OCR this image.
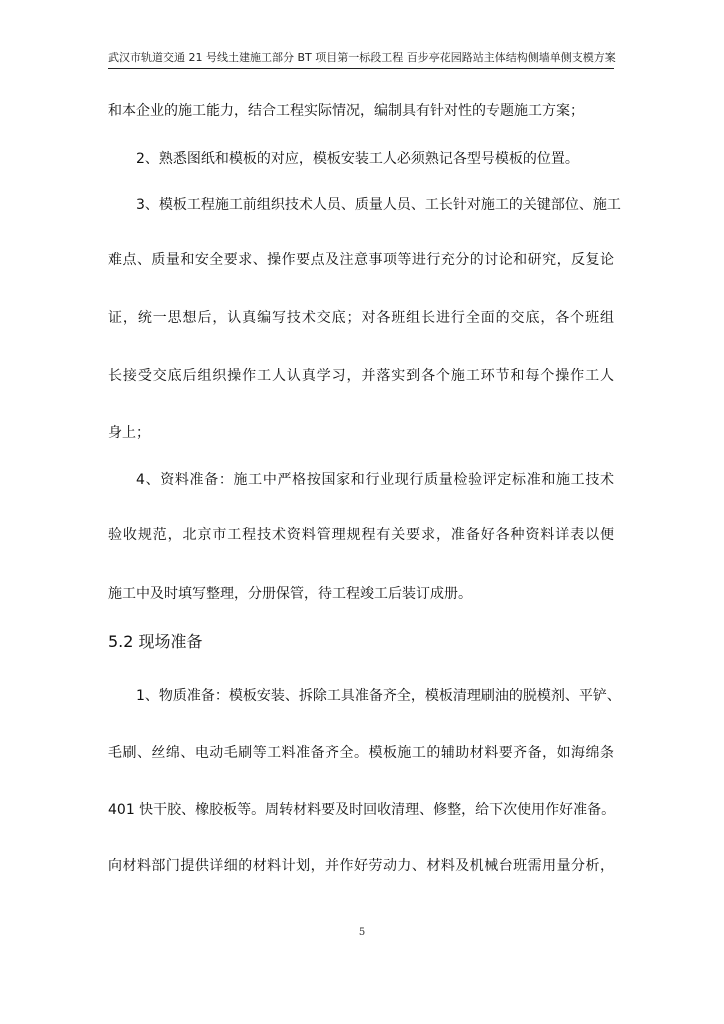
武汉市轨道交通 21 号线土建施工部分 BT 项目第一标段工程 百步亭花园路站主体结构侧墙单侧支模方案
和本企业的施工能力，结合工程实际情况，编制具有针对性的专题施工方案；
2、熟悉图纸和模板的对应，模板安装工人必须熟记各型号模板的位置。
3、模板工程施工前组织技术人员、质量人员、工长针对施工的关键部位、施工
难点、质量和安全要求、操作要点及注意事项等进行充分的讨论和研究，反复论
证，统一思想后，认真编写技术交底；对各班组长进行全面的交底，各个班组
长接受交底后组织操作工人认真学习，并落实到各个施工环节和每个操作工人
身上；
4、资料准备：施工中严格按国家和行业现行质量检验评定标准和施工技术
验收规范，北京市工程技术资料管理规程有关要求，准备好各种资料详表以便
施工中及时填写整理，分册保管，待工程竣工后装订成册。
5.2 现场准备
1、物质准备：模板安装、拆除工具准备齐全，模板清理刷油的脱模剂、平铲、
毛刷、丝绵、电动毛刷等工料准备齐全。模板施工的辅助材料要齐备，如海绵条
401 快干胶、橡胶板等。周转材料要及时回收清理、修整，给下次使用作好准备。
向材料部门提供详细的材料计划，并作好劳动力、材料及机械台班需用量分析，
5
